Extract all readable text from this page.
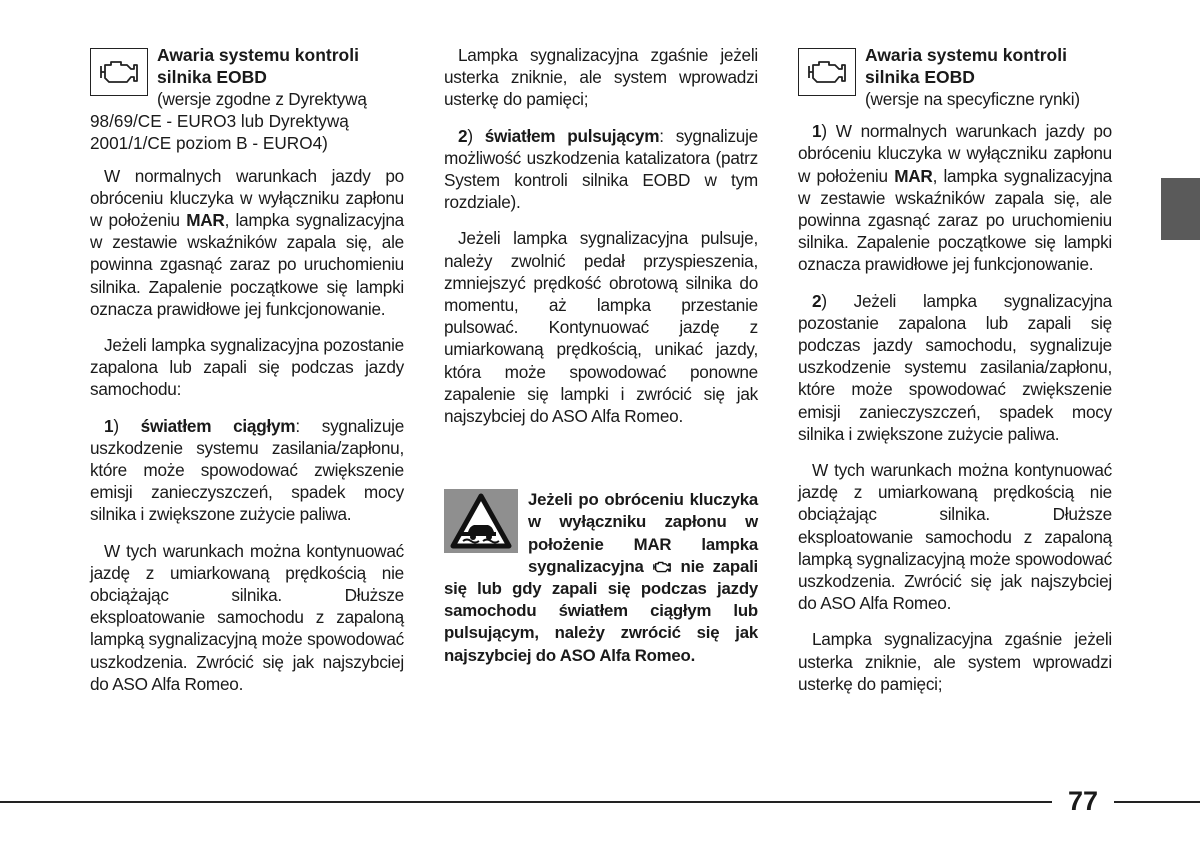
Awaria systemu kontroli silnika EOBD
(wersje zgodne z Dyrektywą
98/69/CE - EURO3 lub Dyrektywą 2001/1/CE poziom B - EURO4)

W normalnych warunkach jazdy po obróceniu kluczyka w wyłączniku zapłonu w położeniu MAR, lampka sygnalizacyjna w zestawie wskaźników zapala się, ale powinna zgasnąć zaraz po uruchomieniu silnika. Zapalenie początkowe się lampki oznacza prawidłowe jej funkcjonowanie.

Jeżeli lampka sygnalizacyjna pozostanie zapalona lub zapali się podczas jazdy samochodu:

1) światłem ciągłym: sygnalizuje uszkodzenie systemu zasilania/zapłonu, które może spowodować zwiększenie emisji zanieczyszczeń, spadek mocy silnika i zwiększone zużycie paliwa.

W tych warunkach można kontynuować jazdę z umiarkowaną prędkością nie obciążając silnika. Dłuższe eksploatowanie samochodu z zapaloną lampką sygnalizacyjną może spowodować uszkodzenia. Zwrócić się jak najszybciej do ASO Alfa Romeo.

Lampka sygnalizacyjna zgaśnie jeżeli usterka zniknie, ale system wprowadzi usterkę do pamięci;

2) światłem pulsującym: sygnalizuje możliwość uszkodzenia katalizatora (patrz System kontroli silnika EOBD w tym rozdziale).

Jeżeli lampka sygnalizacyjna pulsuje, należy zwolnić pedał przyspieszenia, zmniejszyć prędkość obrotową silnika do momentu, aż lampka przestanie pulsować. Kontynuować jazdę z umiarkowaną prędkością, unikać jazdy, która może spowodować ponowne zapalenie się lampki i zwrócić się jak najszybciej do ASO Alfa Romeo.

Jeżeli po obróceniu kluczyka w wyłączniku zapłonu w położenie MAR lampka sygnalizacyjna nie zapali się lub gdy zapali się podczas jazdy samochodu światłem ciągłym lub pulsującym, należy zwrócić się jak najszybciej do ASO Alfa Romeo.
Awaria systemu kontroli silnika EOBD
(wersje na specyficzne rynki)

1) W normalnych warunkach jazdy po obróceniu kluczyka w wyłączniku zapłonu w położeniu MAR, lampka sygnalizacyjna w zestawie wskaźników zapala się, ale powinna zgasnąć zaraz po uruchomieniu silnika. Zapalenie początkowe się lampki oznacza prawidłowe jej funkcjonowanie.

2) Jeżeli lampka sygnalizacyjna pozostanie zapalona lub zapali się podczas jazdy samochodu, sygnalizuje uszkodzenie systemu zasilania/zapłonu, które może spowodować zwiększenie emisji zanieczyszczeń, spadek mocy silnika i zwiększone zużycie paliwa.

W tych warunkach można kontynuować jazdę z umiarkowaną prędkością nie obciążając silnika. Dłuższe eksploatowanie samochodu z zapaloną lampką sygnalizacyjną może spowodować uszkodzenia. Zwrócić się jak najszybciej do ASO Alfa Romeo.

Lampka sygnalizacyjna zgaśnie jeżeli usterka zniknie, ale system wprowadzi usterkę do pamięci;

77
